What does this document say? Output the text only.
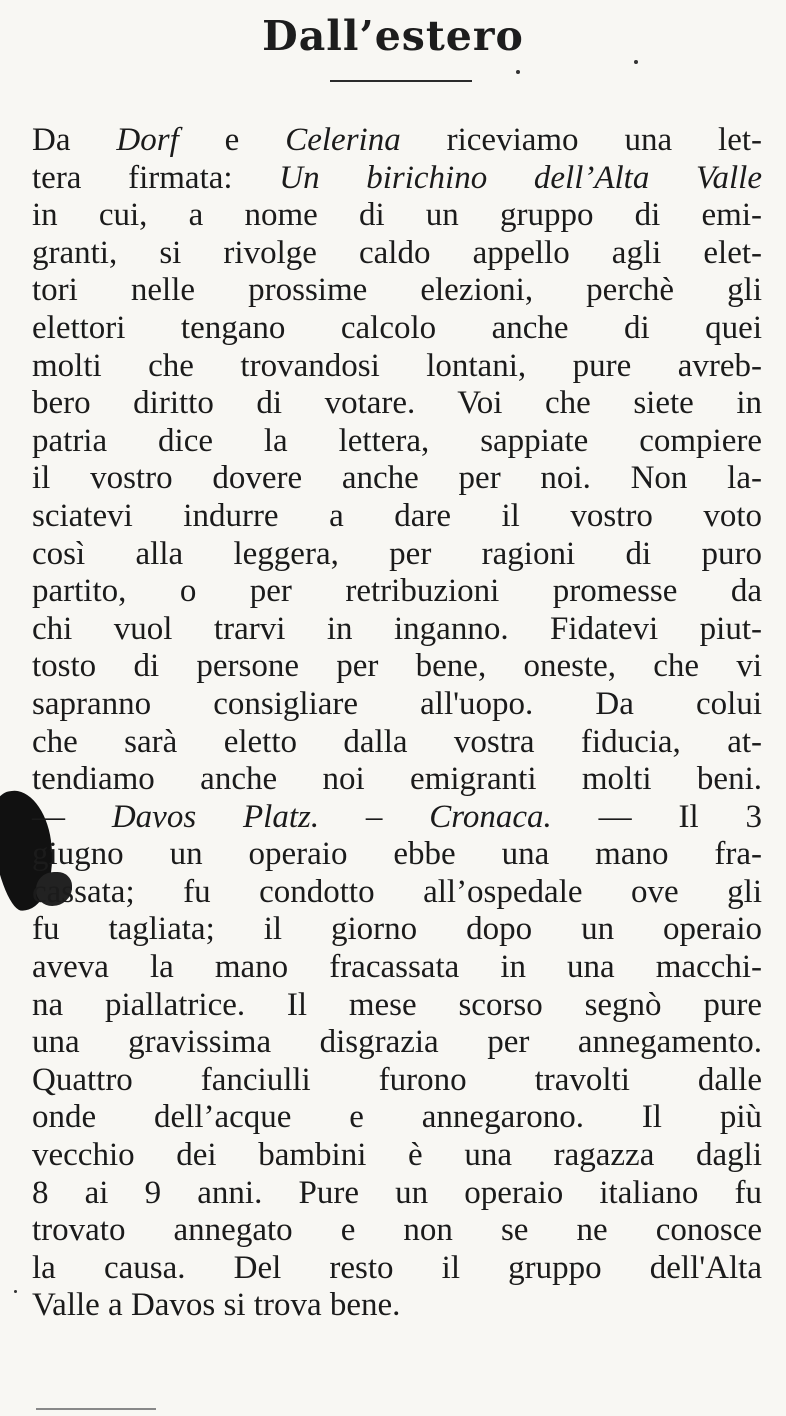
Dall’estero
Da Dorf e Celerina riceviamo una let-
tera firmata: Un birichino dell’Alta Valle
in cui, a nome di un gruppo di emi-
granti, si rivolge caldo appello agli elet-
tori nelle prossime elezioni, perchè gli
elettori tengano calcolo anche di quei
molti che trovandosi lontani, pure avreb-
bero diritto di votare. Voi che siete in
patria dice la lettera, sappiate compiere
il vostro dovere anche per noi. Non la-
sciatevi indurre a dare il vostro voto
così alla leggera, per ragioni di puro
partito, o per retribuzioni promesse da
chi vuol trarvi in inganno. Fidatevi piut-
tosto di persone per bene, oneste, che vi
sapranno consigliare all'uopo. Da colui
che sarà eletto dalla vostra fiducia, at-
tendiamo anche noi emigranti molti beni.
— Davos Platz. – Cronaca. — Il 3
giugno un operaio ebbe una mano fra-
cassata; fu condotto all’ospedale ove gli
fu tagliata; il giorno dopo un operaio
aveva la mano fracassata in una macchi-
na piallatrice. Il mese scorso segnò pure
una gravissima disgrazia per annegamento.
Quattro fanciulli furono travolti dalle
onde dell’acque e annegarono. Il più
vecchio dei bambini è una ragazza dagli
8 ai 9 anni. Pure un operaio italiano fu
trovato annegato e non se ne conosce
la causa. Del resto il gruppo dell'Alta
Valle a Davos si trova bene.
